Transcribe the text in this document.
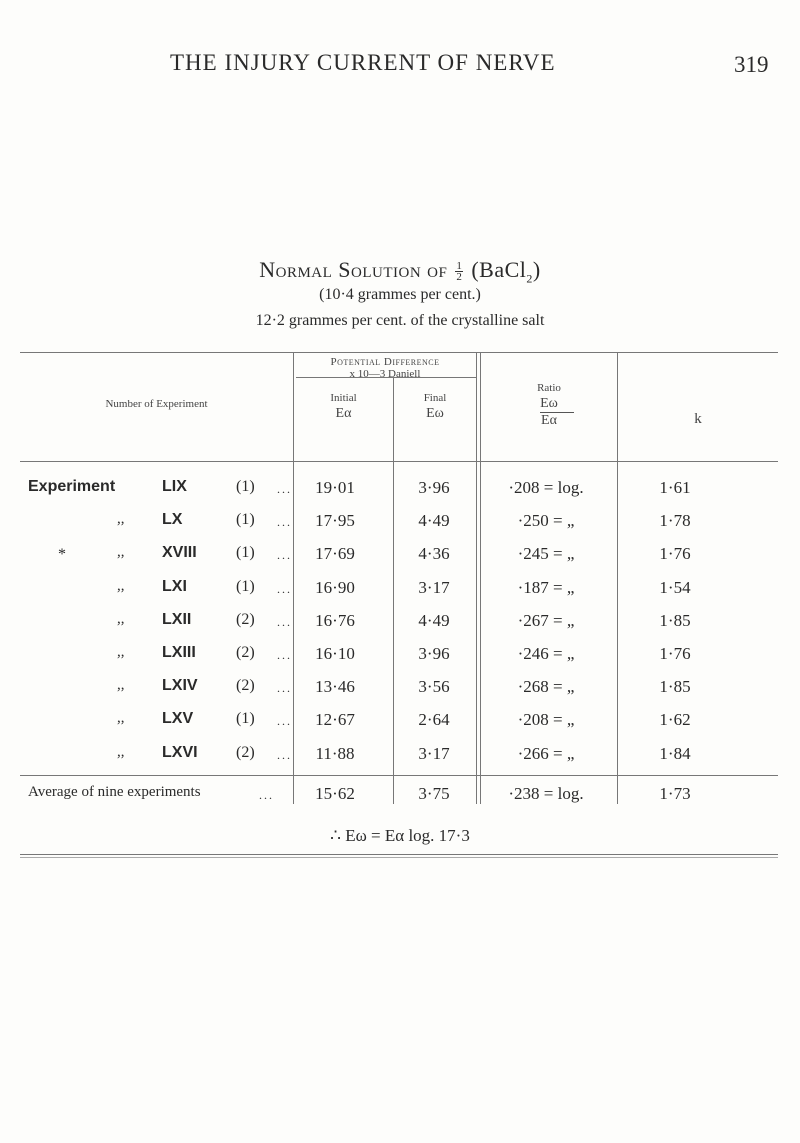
THE INJURY CURRENT OF NERVE	319
Normal Solution of $\frac{1}{2}$ (BaCl$_2$)
(10·4 grammes per cent.)
12·2 grammes per cent. of the crystalline salt
Number of Experiment
Potential Difference
x 10—3 Daniell
Initial
Eα
Final
Eω
Ratio
Eω
Eα	k
Experiment	LIX	(1) ...	19·01	3·96	·208 = log.	1·61
,, LX	(1) ...	17·95	4·49	·250 = „	1·78
*	,, XVIII (1) ...	17·69	4·36	·245 = „	1·76
,, LXI	(1) ...	16·90	3·17	·187 = „	1·54
,, LXII	(2) ...	16·76	4·49	·267 = „	1·85
,, LXIII	(2) ...	16·10	3·96	·246 = „	1·76
,, LXIV (2) ...	13·46	3·56	·268 = „	1·85
,, LXV	(1) ...	12·67	2·64	·208 = „	1·62
,, LXVI (2) ...	11·88	3·17	·266 = „	1·84
Average of nine experiments	...	15·62	3·75	·238 = log.	1·73
∴ Eω = Eα log. 17·3
